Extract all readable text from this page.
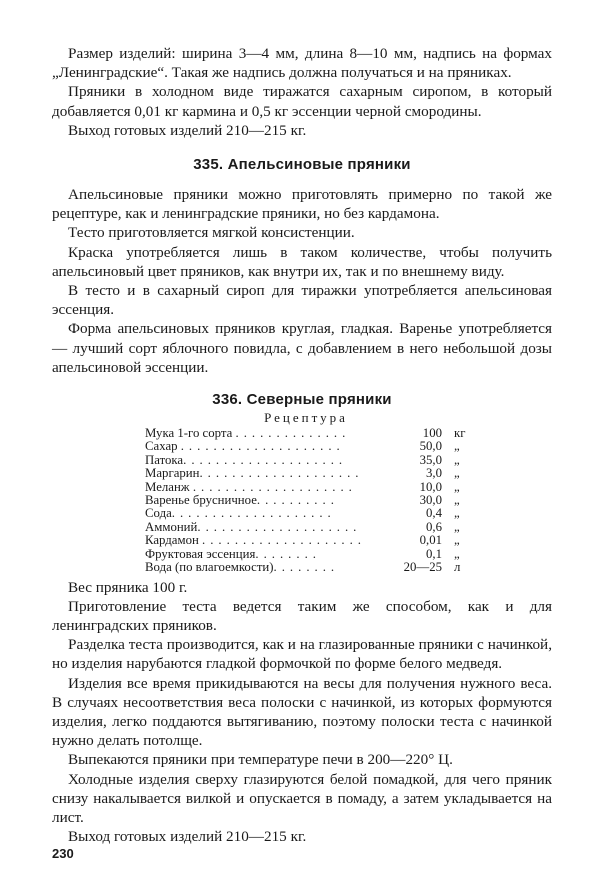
Размер изделий: ширина 3—4 мм, длина 8—10 мм, надпись на формах „Ленинградские“. Такая же надпись должна получаться и на пряниках.

Пряники в холодном виде тиражатся сахарным сиропом, в который добавляется 0,01 кг кармина и 0,5 кг эссенции черной смородины.

Выход готовых изделий 210—215 кг.

335. Апельсиновые пряники

Апельсиновые пряники можно приготовлять примерно по такой же рецептуре, как и ленинградские пряники, но без кардамона.

Тесто приготовляется мягкой консистенции.

Краска употребляется лишь в таком количестве, чтобы получить апельсиновый цвет пряников, как внутри их, так и по внешнему виду.

В тесто и в сахарный сироп для тиражки употребляется апельсиновая эссенция.

Форма апельсиновых пряников круглая, гладкая. Варенье употребляется — лучший сорт яблочного повидла, с добавлением в него небольшой дозы апельсиновой эссенции.

336. Северные пряники
Рецептура
Мука 1-го сорта ..............	100	кг
Сахар ....................	50,0	„
Патока....................	35,0	„
Маргарин....................	3,0	„
Меланж ....................	10,0	„
Варенье брусничное..........	30,0	„
Сода....................	0,4	„
Аммоний....................	0,6	„
Кардамон ....................	0,01	„
Фруктовая эссенция........	0,1	„
Вода (по влагоемкости)........	20—25	л

Вес пряника 100 г.

Приготовление теста ведется таким же способом, как и для ленинградских пряников.

Разделка теста производится, как и на глазированные пряники с начинкой, но изделия нарубаются гладкой формочкой по форме белого медведя.

Изделия все время прикидываются на весы для получения нужного веса. В случаях несоответствия веса полоски с начинкой, из которых формуются изделия, легко поддаются вытягиванию, поэтому полоски теста с начинкой нужно делать потолще.

Выпекаются пряники при температуре печи в 200—220° Ц.

Холодные изделия сверху глазируются белой помадкой, для чего пряник снизу накалывается вилкой и опускается в помаду, а затем укладывается на лист.

Выход готовых изделий 210—215 кг.

230
